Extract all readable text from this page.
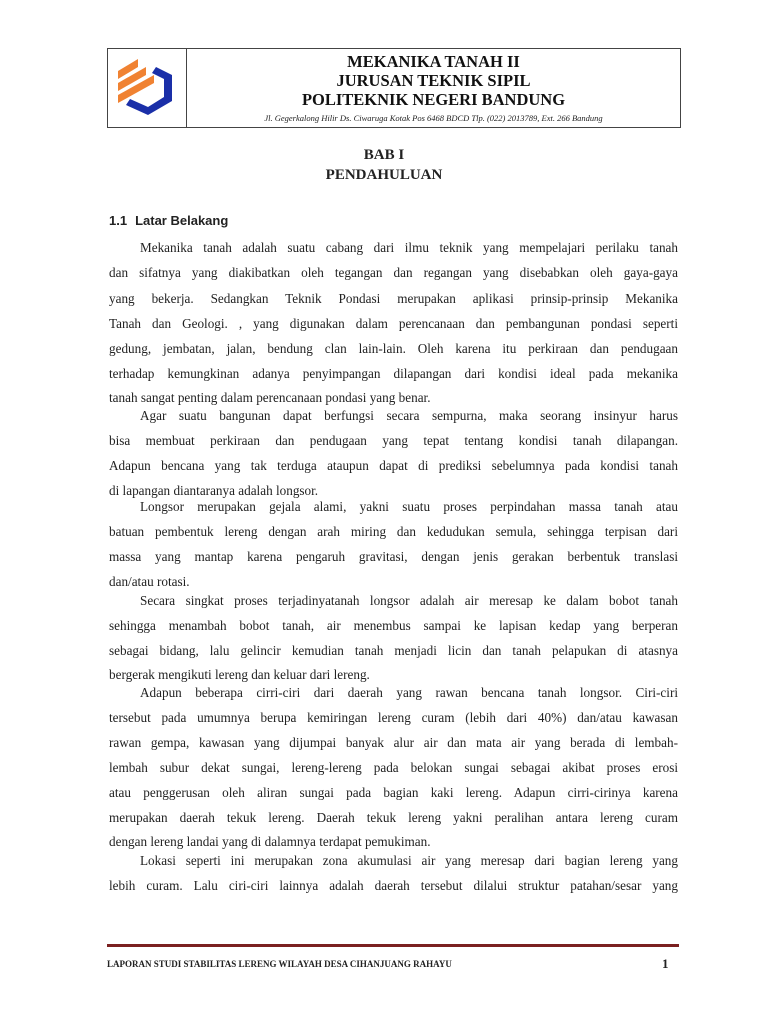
MEKANIKA TANAH II
JURUSAN TEKNIK SIPIL
POLITEKNIK NEGERI BANDUNG
Jl. Gegerkalong Hilir Ds. Ciwaruga Kotak Pos 6468 BDCD Tlp. (022) 2013789, Ext. 266 Bandung
BAB I
PENDAHULUAN
1.1 Latar Belakang
Mekanika tanah adalah suatu cabang dari ilmu teknik yang mempelajari perilaku tanah
dan sifatnya yang diakibatkan oleh tegangan dan regangan yang disebabkan oleh gaya-gaya
yang bekerja. Sedangkan Teknik Pondasi merupakan aplikasi prinsip-prinsip Mekanika
Tanah dan Geologi. , yang digunakan dalam perencanaan dan pembangunan pondasi seperti
gedung, jembatan, jalan, bendung clan lain-lain. Oleh karena itu perkiraan dan pendugaan
terhadap kemungkinan adanya penyimpangan dilapangan dari kondisi ideal pada mekanika
tanah sangat penting dalam perencanaan pondasi yang benar.
Agar suatu bangunan dapat berfungsi secara sempurna, maka seorang insinyur harus
bisa membuat perkiraan dan pendugaan yang tepat tentang kondisi tanah dilapangan.
Adapun bencana yang tak terduga ataupun dapat di prediksi sebelumnya pada kondisi tanah
di lapangan diantaranya adalah longsor.
Longsor merupakan gejala alami, yakni suatu proses perpindahan massa tanah atau
batuan pembentuk lereng dengan arah miring dan kedudukan semula, sehingga terpisan dari
massa yang mantap karena pengaruh gravitasi, dengan jenis gerakan berbentuk translasi
dan/atau rotasi.
Secara singkat proses terjadinyatanah longsor adalah air meresap ke dalam bobot tanah
sehingga menambah bobot tanah, air menembus sampai ke lapisan kedap yang berperan
sebagai bidang, lalu gelincir kemudian tanah menjadi licin dan tanah pelapukan di atasnya
bergerak mengikuti lereng dan keluar dari lereng.
Adapun beberapa cirri-ciri dari daerah yang rawan bencana tanah longsor. Ciri-ciri
tersebut pada umumnya berupa kemiringan lereng curam (lebih dari 40%) dan/atau kawasan
rawan gempa, kawasan yang dijumpai banyak alur air dan mata air yang berada di lembah-
lembah subur dekat sungai, lereng-lereng pada belokan sungai sebagai akibat proses erosi
atau penggerusan oleh aliran sungai pada bagian kaki lereng. Adapun cirri-cirinya karena
merupakan daerah tekuk lereng. Daerah tekuk lereng yakni peralihan antara lereng curam
dengan lereng landai yang di dalamnya terdapat pemukiman.
Lokasi seperti ini merupakan zona akumulasi air yang meresap dari bagian lereng yang
lebih curam. Lalu ciri-ciri lainnya adalah daerah tersebut dilalui struktur patahan/sesar yang
LAPORAN STUDI STABILITAS LERENG WILAYAH DESA CIHANJUANG RAHAYU	1
